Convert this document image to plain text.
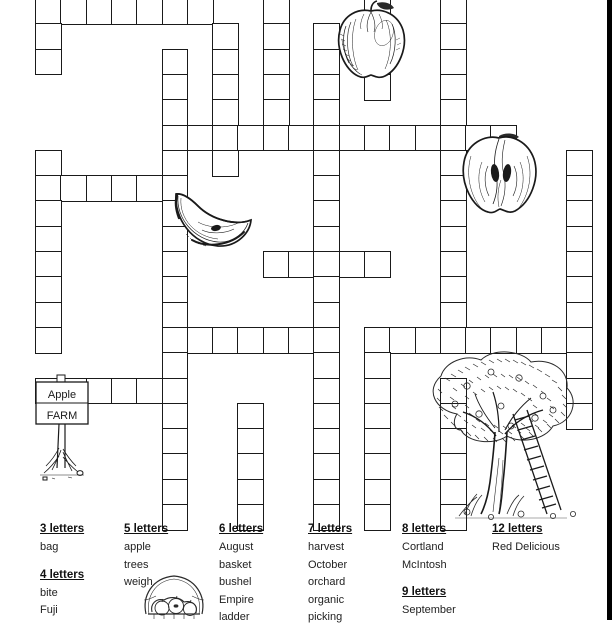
Apple
FARM
3 letters
bag
4 letters
bite
Fuji
5 letters
apple
trees
weigh
6 letters
August
basket
bushel
Empire
ladder
7 letters
harvest
October
orchard
organic
picking
8 letters
Cortland
McIntosh
9 letters
September
12 letters
Red Delicious
